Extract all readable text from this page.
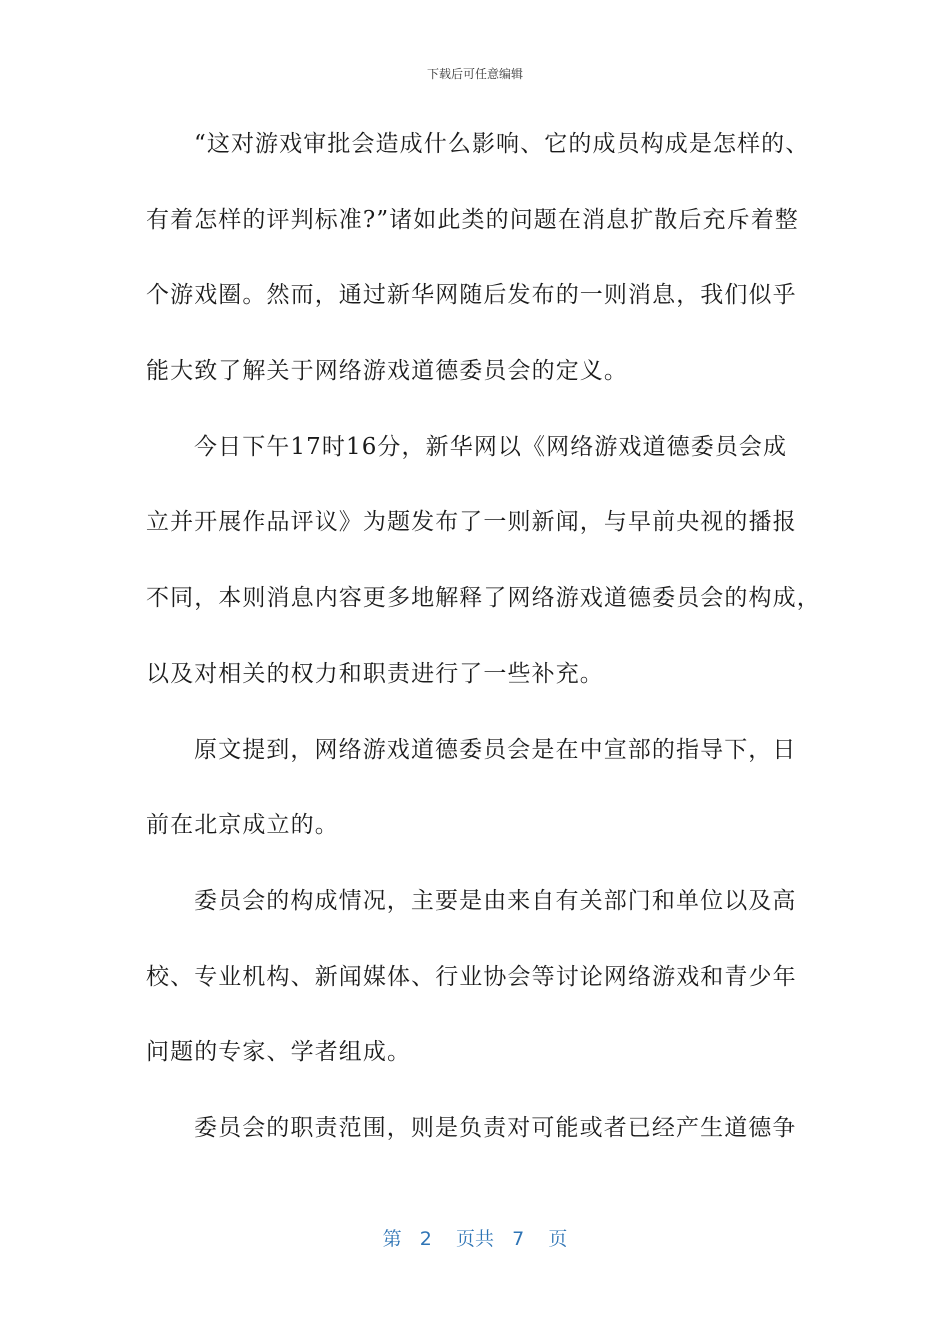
下载后可任意编辑
“这对游戏审批会造成什么影响、它的成员构成是怎样的、
有着怎样的评判标准?”诸如此类的问题在消息扩散后充斥着整
个游戏圈。然而，通过新华网随后发布的一则消息，我们似乎
能大致了解关于网络游戏道德委员会的定义。
今日下午17时16分，新华网以《网络游戏道德委员会成
立并开展作品评议》为题发布了一则新闻，与早前央视的播报
不同，本则消息内容更多地解释了网络游戏道德委员会的构成，
以及对相关的权力和职责进行了一些补充。
原文提到，网络游戏道德委员会是在中宣部的指导下，日
前在北京成立的。
委员会的构成情况，主要是由来自有关部门和单位以及高
校、专业机构、新闻媒体、行业协会等讨论网络游戏和青少年
问题的专家、学者组成。
委员会的职责范围，则是负责对可能或者已经产生道德争
第 2 页共 7 页
